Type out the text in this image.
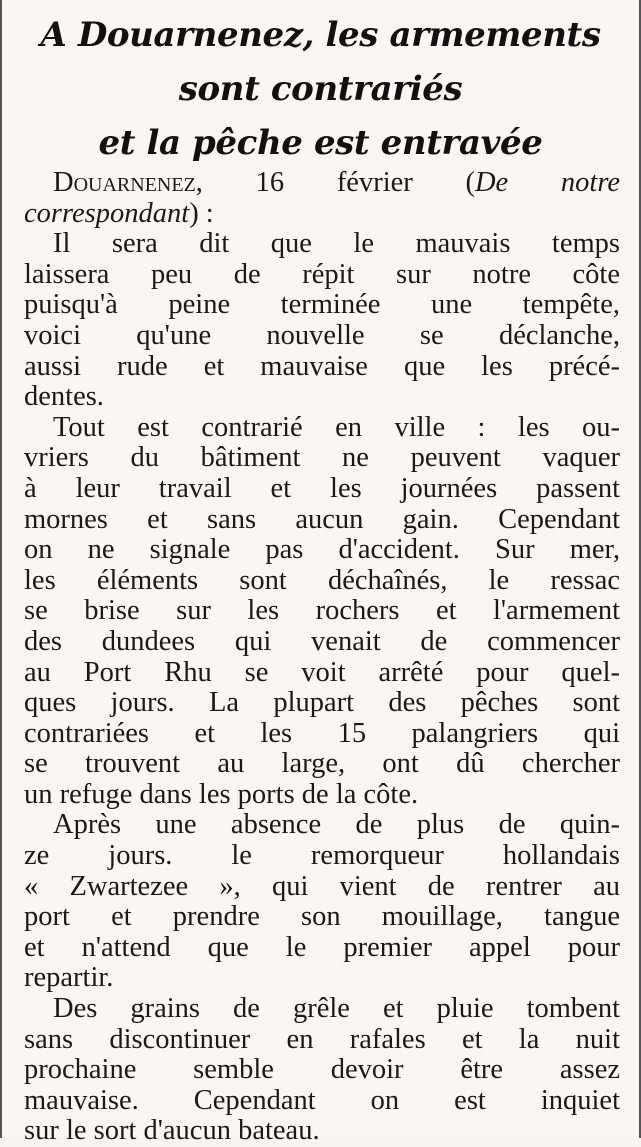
A Douarnenez, les armements
sont contrariés
et la pêche est entravée
Douarnenez, 16 février (De notre
correspondant) :
Il sera dit que le mauvais temps
laissera peu de répit sur notre côte
puisqu'à peine terminée une tempête,
voici qu'une nouvelle se déclanche,
aussi rude et mauvaise que les précé-
dentes.
Tout est contrarié en ville : les ou-
vriers du bâtiment ne peuvent vaquer
à leur travail et les journées passent
mornes et sans aucun gain. Cependant
on ne signale pas d'accident. Sur mer,
les éléments sont déchaînés, le ressac
se brise sur les rochers et l'armement
des dundees qui venait de commencer
au Port Rhu se voit arrêté pour quel-
ques jours. La plupart des pêches sont
contrariées et les 15 palangriers qui
se trouvent au large, ont dû chercher
un refuge dans les ports de la côte.
Après une absence de plus de quin-
ze jours. le remorqueur hollandais
« Zwartezee », qui vient de rentrer au
port et prendre son mouillage, tangue
et n'attend que le premier appel pour
repartir.
Des grains de grêle et pluie tombent
sans discontinuer en rafales et la nuit
prochaine semble devoir être assez
mauvaise. Cependant on est inquiet
sur le sort d'aucun bateau.
